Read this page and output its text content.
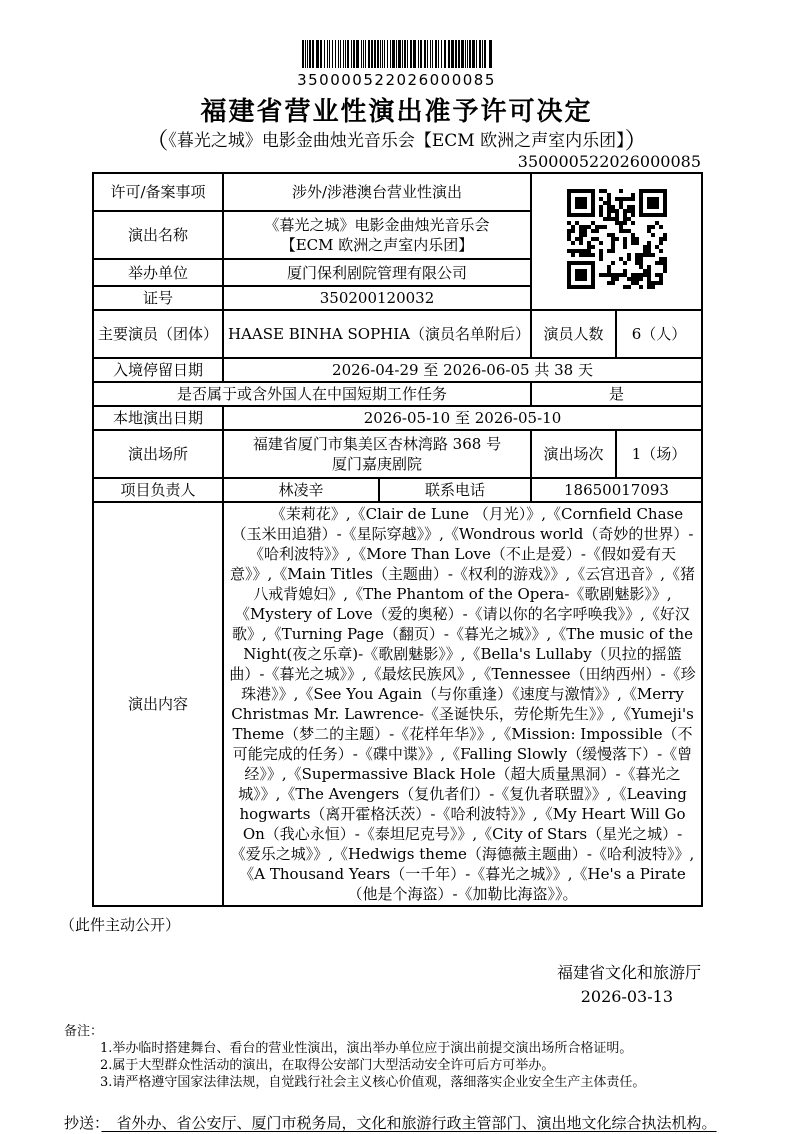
350000522026000085
福建省营业性演出准予许可决定
（《暮光之城》电影金曲烛光音乐会【ECM 欧洲之声室内乐团】）
350000522026000085
许可/备案事项	涉外/涉港澳台营业性演出	
演出名称	《暮光之城》电影金曲烛光音乐会
【ECM 欧洲之声室内乐团】			

举办单位	厦门保利剧院管理有限公司			
证号	350200120032			
主要演员（团体）	HAASE BINHA SOPHIA（演员名单附后）		演员人数	6（人）
入境停留日期	2026-04-29 至 2026-06-05 共 38 天			
是否属于或含外国人在中国短期工作任务			是	
本地演出日期	2026-05-10 至 2026-05-10			
演出场所	福建省厦门市集美区杏林湾路 368 号
厦门嘉庚剧院		演出场次	1（场）
项目负责人	林凌辛	联系电话	18650017093	
演出内容	《茉莉花》,《Clair de Lune （月光）》,《Cornfield Chase（玉米田追猎）-《星际穿越》》,《Wondrous world（奇妙的世界）-《哈利波特》》,《More Than Love（不止是爱）-《假如爱有天意》》,《Main Titles（主题曲）-《权利的游戏》》,《云宫迅音》,《猪八戒背媳妇》,《The Phantom of the Opera-《歌剧魅影》》,《Mystery of Love（爱的奥秘）-《请以你的名字呼唤我》》,《好汉歌》,《Turning Page（翻页）-《暮光之城》》,《The music of the Night(夜之乐章)-《歌剧魅影》》,《Bella's Lullaby（贝拉的摇篮曲）-《暮光之城》》,《最炫民族风》,《Tennessee（田纳西州）-《珍珠港》》,《See You Again（与你重逢）《速度与激情》》,《Merry Christmas Mr. Lawrence-《圣诞快乐，劳伦斯先生》》,《Yumeji's Theme（梦二的主题）-《花样年华》》,《Mission: Impossible（不可能完成的任务）-《碟中谍》》,《Falling Slowly（缓慢落下）-《曾经》》,《Supermassive Black Hole（超大质量黑洞）-《暮光之城》》,《The Avengers（复仇者们）-《复仇者联盟》》,《Leaving hogwarts（离开霍格沃茨）-《哈利波特》》,《My Heart Will Go On（我心永恒）-《泰坦尼克号》》,《City of Stars（星光之城）-《爱乐之城》》,《Hedwigs theme（海德薇主题曲）-《哈利波特》》,《A Thousand Years（一千年）-《暮光之城》》,《He's a Pirate（他是个海盗）-《加勒比海盗》》。			
（此件主动公开）
福建省文化和旅游厅
2026-03-13
备注：
1.举办临时搭建舞台、看台的营业性演出，演出举办单位应于演出前提交演出场所合格证明。
2.属于大型群众性活动的演出，在取得公安部门大型活动安全许可后方可举办。
3.请严格遵守国家法律法规，自觉践行社会主义核心价值观，落细落实企业安全生产主体责任。
抄送：　省外办、省公安厅、厦门市税务局，文化和旅游行政主管部门、演出地文化综合执法机构。
